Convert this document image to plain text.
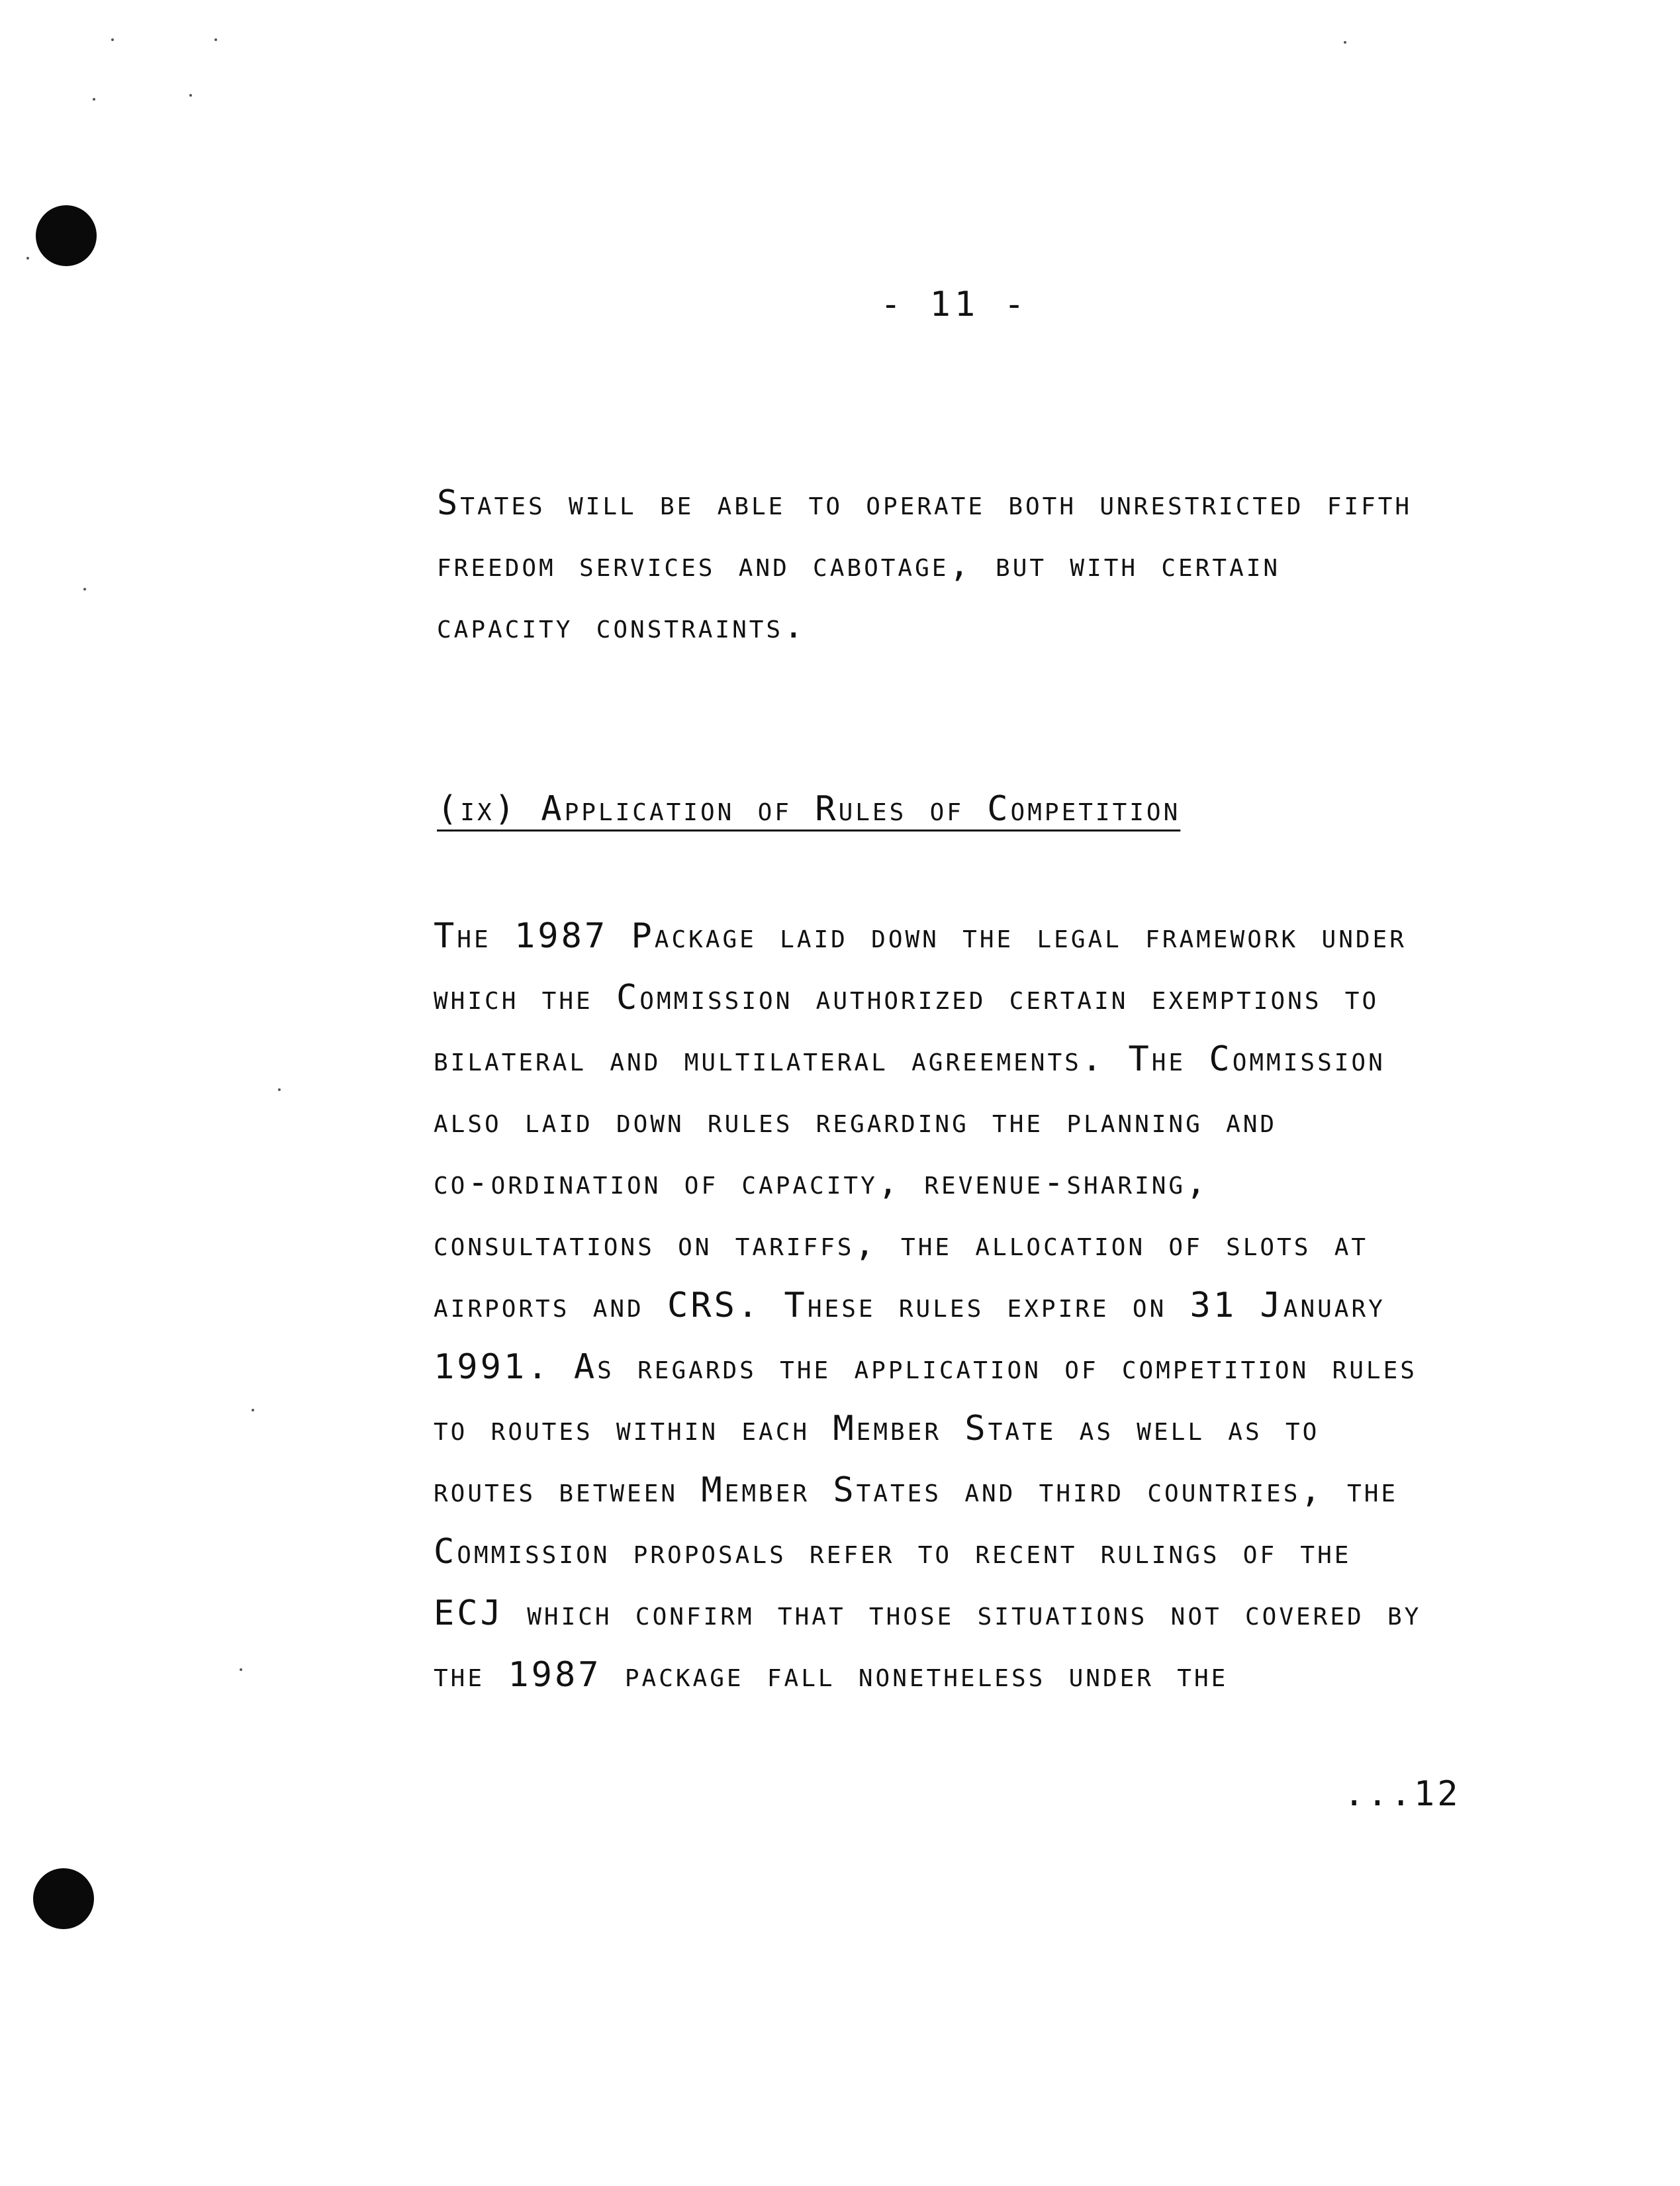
- 11 -
States will be able to operate both unrestricted fifth
freedom services and cabotage, but with certain
capacity constraints.
(ix) Application of Rules of Competition
The 1987 Package laid down the legal framework under
which the Commission authorized certain exemptions to
bilateral and multilateral agreements. The Commission
also laid down rules regarding the planning and
co-ordination of capacity, revenue-sharing,
consultations on tariffs, the allocation of slots at
airports and CRS. These rules expire on 31 January
1991. As regards the application of competition rules
to routes within each Member State as well as to
routes between Member States and third countries, the
Commission proposals refer to recent rulings of the
ECJ which confirm that those situations not covered by
the 1987 package fall nonetheless under the
...12
